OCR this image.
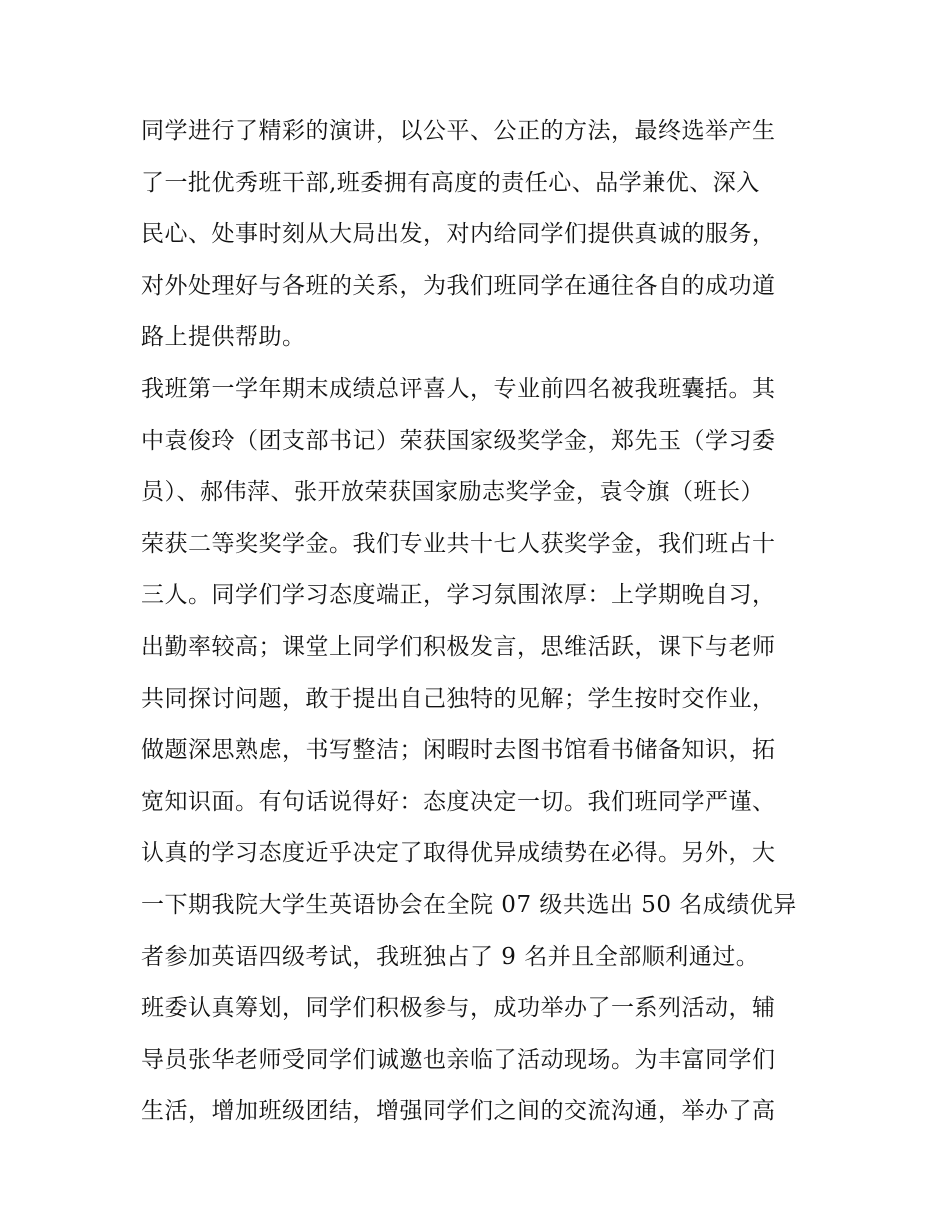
同学进行了精彩的演讲，以公平、公正的方法，最终选举产生
了一批优秀班干部,班委拥有高度的责任心、品学兼优、深入
民心、处事时刻从大局出发，对内给同学们提供真诚的服务，
对外处理好与各班的关系，为我们班同学在通往各自的成功道
路上提供帮助。
我班第一学年期末成绩总评喜人，专业前四名被我班囊括。其
中袁俊玲（团支部书记）荣获国家级奖学金，郑先玉（学习委
员）、郝伟萍、张开放荣获国家励志奖学金，袁令旗（班长）
荣获二等奖奖学金。我们专业共十七人获奖学金，我们班占十
三人。同学们学习态度端正，学习氛围浓厚：上学期晚自习，
出勤率较高；课堂上同学们积极发言，思维活跃，课下与老师
共同探讨问题，敢于提出自己独特的见解；学生按时交作业，
做题深思熟虑，书写整洁；闲暇时去图书馆看书储备知识，拓
宽知识面。有句话说得好：态度决定一切。我们班同学严谨、
认真的学习态度近乎决定了取得优异成绩势在必得。另外，大
一下期我院大学生英语协会在全院 07 级共选出 50 名成绩优异
者参加英语四级考试，我班独占了 9 名并且全部顺利通过。
班委认真筹划，同学们积极参与，成功举办了一系列活动，辅
导员张华老师受同学们诚邀也亲临了活动现场。为丰富同学们
生活，增加班级团结，增强同学们之间的交流沟通，举办了高
